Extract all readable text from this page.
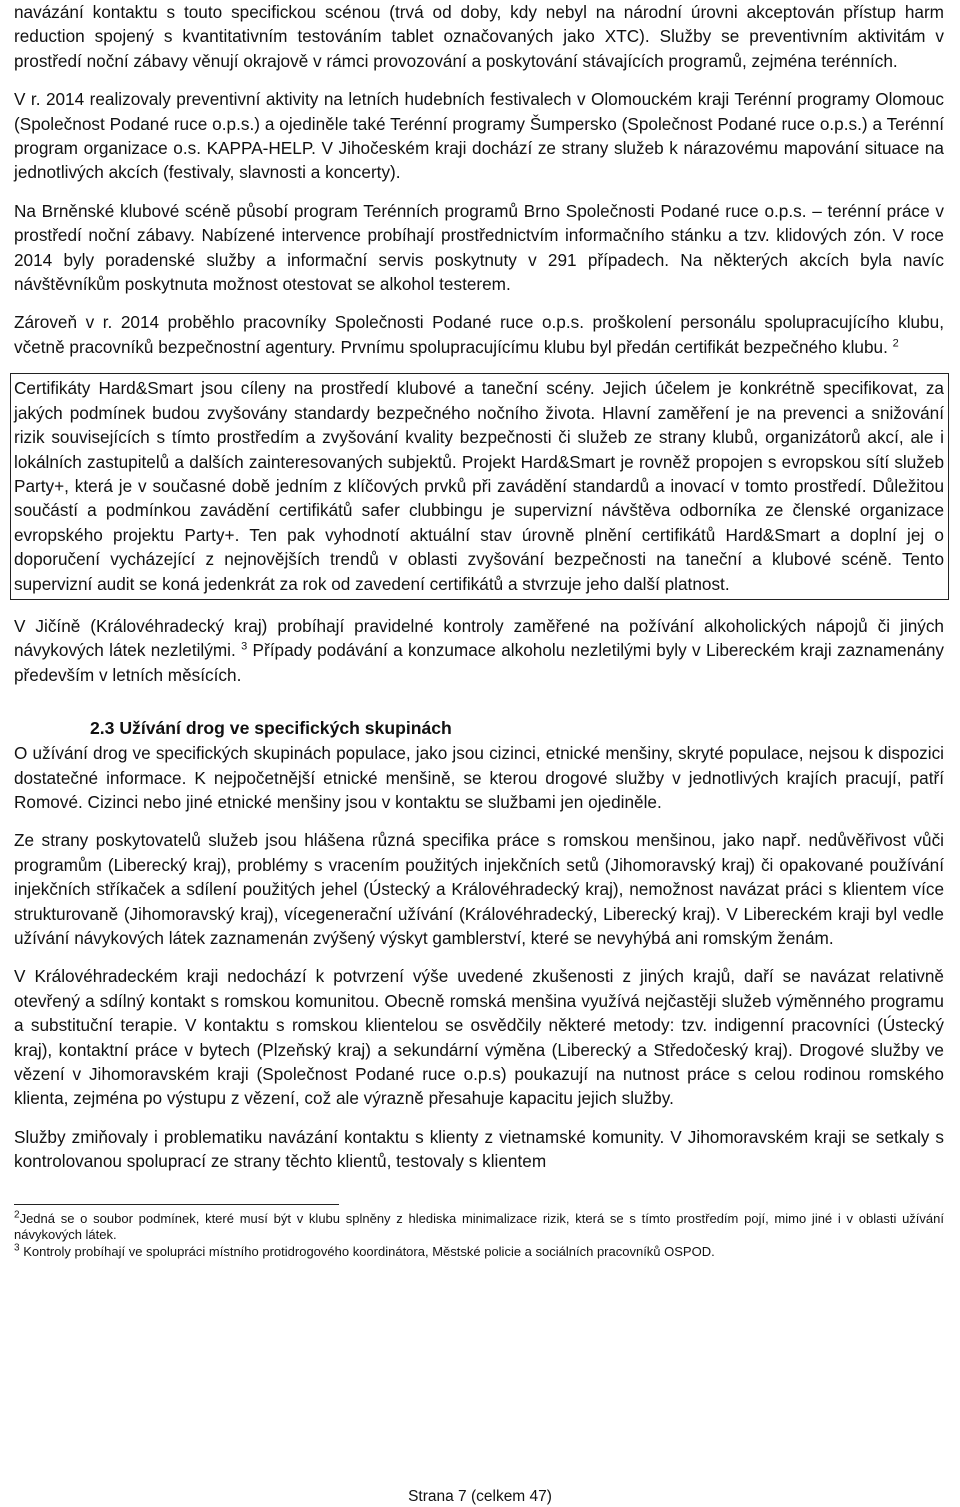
navázání kontaktu s touto specifickou scénou (trvá od doby, kdy nebyl na národní úrovni akceptován přístup harm reduction spojený s kvantitativním testováním tablet označovaných jako XTC). Služby se preventivním aktivitám v prostředí noční zábavy věnují okrajově v rámci provozování a poskytování stávajících programů, zejména terénních.

V r. 2014 realizovaly preventivní aktivity na letních hudebních festivalech v Olomouckém kraji Terénní programy Olomouc (Společnost Podané ruce o.p.s.) a ojediněle také Terénní programy Šumpersko (Společnost Podané ruce o.p.s.) a Terénní program organizace o.s. KAPPA-HELP. V Jihočeském kraji dochází ze strany služeb k nárazovému mapování situace na jednotlivých akcích (festivaly, slavnosti a koncerty).

Na Brněnské klubové scéně působí program Terénních programů Brno Společnosti Podané ruce o.p.s. – terénní práce v prostředí noční zábavy. Nabízené intervence probíhají prostřednictvím informačního stánku a tzv. klidových zón. V roce 2014 byly poradenské služby a informační servis poskytnuty v 291 případech. Na některých akcích byla navíc návštěvníkům poskytnuta možnost otestovat se alkohol testerem.

Zároveň v r. 2014 proběhlo pracovníky Společnosti Podané ruce o.p.s. proškolení personálu spolupracujícího klubu, včetně pracovníků bezpečnostní agentury. Prvnímu spolupracujícímu klubu byl předán certifikát bezpečného klubu. $^2$

Certifikáty Hard&Smart jsou cíleny na prostředí klubové a taneční scény. Jejich účelem je konkrétně specifikovat, za jakých podmínek budou zvyšovány standardy bezpečného nočního života. Hlavní zaměření je na prevenci a snižování rizik souvisejících s tímto prostředím a zvyšování kvality bezpečnosti či služeb ze strany klubů, organizátorů akcí, ale i lokálních zastupitelů a dalších zainteresovaných subjektů. Projekt Hard&Smart je rovněž propojen s evropskou sítí služeb Party+, která je v současné době jedním z klíčových prvků při zavádění standardů a inovací v tomto prostředí. Důležitou součástí a podmínkou zavádění certifikátů safer clubbingu je supervizní návštěva odborníka ze členské organizace evropského projektu Party+. Ten pak vyhodnotí aktuální stav úrovně plnění certifikátů Hard&Smart a doplní jej o doporučení vycházející z nejnovějších trendů v oblasti zvyšování bezpečnosti na taneční a klubové scéně. Tento supervizní audit se koná jedenkrát za rok od zavedení certifikátů a stvrzuje jeho další platnost.

V Jičíně (Královéhradecký kraj) probíhají pravidelné kontroly zaměřené na požívání alkoholických nápojů či jiných návykových látek nezletilými. $^3$ Případy podávání a konzumace alkoholu nezletilými byly v Libereckém kraji zaznamenány především v letních měsících.

2.3 Užívání drog ve specifických skupinách

O užívání drog ve specifických skupinách populace, jako jsou cizinci, etnické menšiny, skryté populace, nejsou k dispozici dostatečné informace. K nejpočetnější etnické menšině, se kterou drogové služby v jednotlivých krajích pracují, patří Romové. Cizinci nebo jiné etnické menšiny jsou v kontaktu se službami jen ojediněle.

Ze strany poskytovatelů služeb jsou hlášena různá specifika práce s romskou menšinou, jako např. nedůvěřivost vůči programům (Liberecký kraj), problémy s vracením použitých injekčních setů (Jihomoravský kraj) či opakované používání injekčních stříkaček a sdílení použitých jehel (Ústecký a Královéhradecký kraj), nemožnost navázat práci s klientem více strukturovaně (Jihomoravský kraj), vícegenerační užívání (Královéhradecký, Liberecký kraj). V Libereckém kraji byl vedle užívání návykových látek zaznamenán zvýšený výskyt gamblerství, které se nevyhýbá ani romským ženám.

V Královéhradeckém kraji nedochází k potvrzení výše uvedené zkušenosti z jiných krajů, daří se navázat relativně otevřený a sdílný kontakt s romskou komunitou. Obecně romská menšina využívá nejčastěji služeb výměnného programu a substituční terapie. V kontaktu s romskou klientelou se osvědčily některé metody: tzv. indigenní pracovníci (Ústecký kraj), kontaktní práce v bytech (Plzeňský kraj) a sekundární výměna (Liberecký a Středočeský kraj). Drogové služby ve vězení v Jihomoravském kraji (Společnost Podané ruce o.p.s) poukazují na nutnost práce s celou rodinou romského klienta, zejména po výstupu z vězení, což ale výrazně přesahuje kapacitu jejich služby.

Služby zmiňovaly i problematiku navázání kontaktu s klienty z vietnamské komunity. V Jihomoravském kraji se setkaly s kontrolovanou spoluprací ze strany těchto klientů, testovaly s klientem

$^2$Jedná se o soubor podmínek, které musí být v klubu splněny z hlediska minimalizace rizik, která se s tímto prostředím pojí, mimo jiné i v oblasti užívání návykových látek.

$^3$ Kontroly probíhají ve spolupráci místního protidrogového koordinátora, Městské policie a sociálních pracovníků OSPOD.

Strana 7 (celkem 47)
